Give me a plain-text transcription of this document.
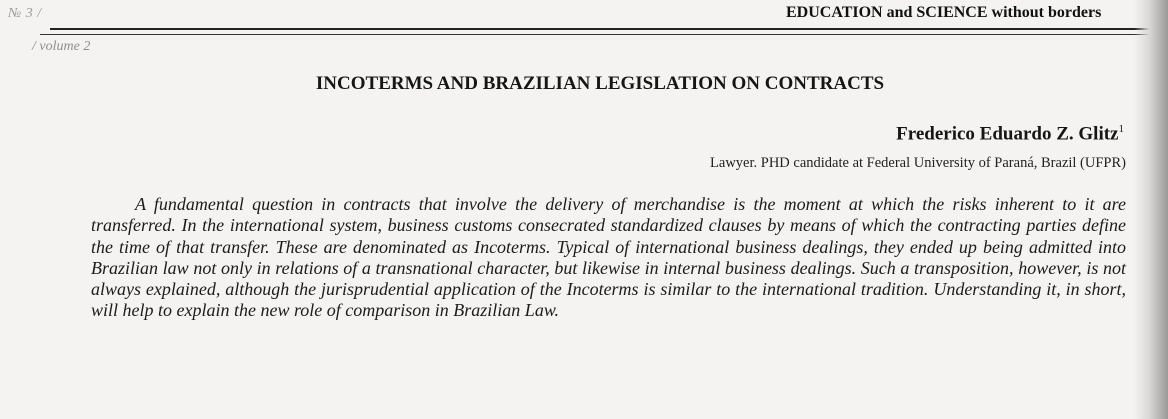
№ 3 /	EDUCATION and SCIENCE without borders
/ volume 2
INCOTERMS AND BRAZILIAN LEGISLATION ON CONTRACTS
Frederico Eduardo Z. Glitz$^1$
Lawyer. PHD candidate at Federal University of Paraná, Brazil (UFPR)
A fundamental question in contracts that involve the delivery of merchandise is the moment at which the risks inherent to it are transferred. In the international system, business customs consecrated standardized clauses by means of which the contracting parties define the time of that transfer. These are denominated as Incoterms. Typical of international business dealings, they ended up being admitted into Brazilian law not only in relations of a transnational character, but likewise in internal business dealings. Such a transposition, however, is not always explained, although the jurisprudential application of the Incoterms is similar to the international tradition. Understanding it, in short, will help to explain the new role of comparison in Brazilian Law.
